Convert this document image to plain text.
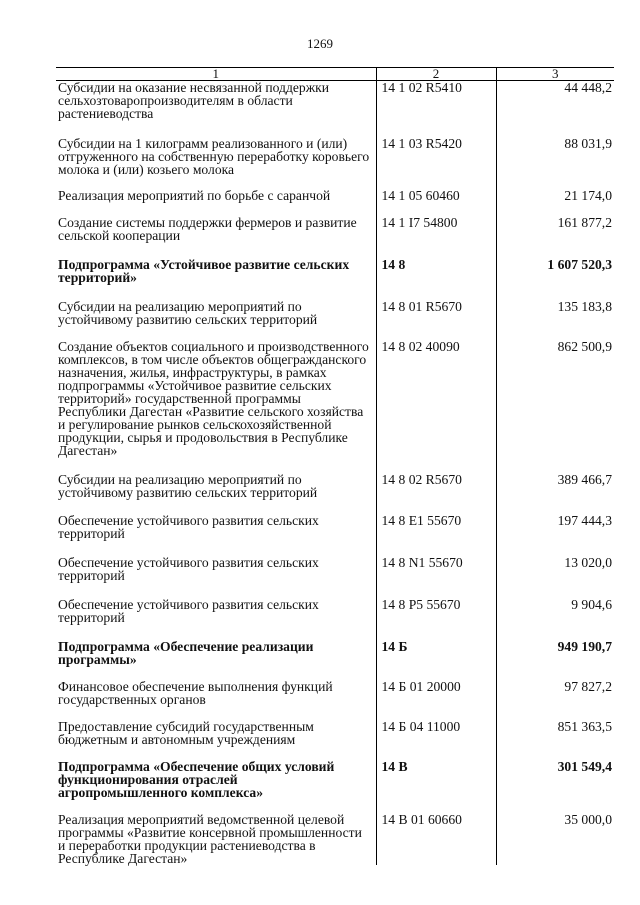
1269
1	2	3
Субсидии на оказание несвязанной поддержки сельхозтоваропроизводителям в области растениеводства	14 1 02 R5410	44 448,2

Субсидии на 1 килограмм реализованного и (или) отгруженного на собственную переработку коровьего молока и (или) козьего молока	14 1 03 R5420	88 031,9

Реализация мероприятий по борьбе с саранчой	14 1 05 60460	21 174,0

Создание системы поддержки фермеров и развитие сельской кооперации	14 1 I7 54800	161 877,2

Подпрограмма «Устойчивое развитие сельских территорий»	14 8	1 607 520,3

Субсидии на реализацию мероприятий по устойчивому развитию сельских территорий	14 8 01 R5670	135 183,8

Создание объектов социального и производственного комплексов, в том числе объектов общегражданского назначения, жилья, инфраструктуры, в рамках подпрограммы «Устойчивое развитие сельских территорий» государственной программы Республики Дагестан «Развитие сельского хозяйства и регулирование рынков сельскохозяйственной продукции, сырья и продовольствия в Республике Дагестан»	14 8 02 40090	862 500,9

Субсидии на реализацию мероприятий по устойчивому развитию сельских территорий	14 8 02 R5670	389 466,7

Обеспечение устойчивого развития сельских территорий	14 8 E1 55670	197 444,3

Обеспечение устойчивого развития сельских территорий	14 8 N1 55670	13 020,0

Обеспечение устойчивого развития сельских территорий	14 8 P5 55670	9 904,6

Подпрограмма «Обеспечение реализации программы»	14 Б	949 190,7

Финансовое обеспечение выполнения функций государственных органов	14 Б 01 20000	97 827,2

Предоставление субсидий государственным бюджетным и автономным учреждениям	14 Б 04 11000	851 363,5

Подпрограмма «Обеспечение общих условий функционирования отраслей агропромышленного комплекса»	14 В	301 549,4

Реализация мероприятий ведомственной целевой программы «Развитие консервной промышленности и переработки продукции растениеводства в Республике Дагестан»	14 В 01 60660	35 000,0
